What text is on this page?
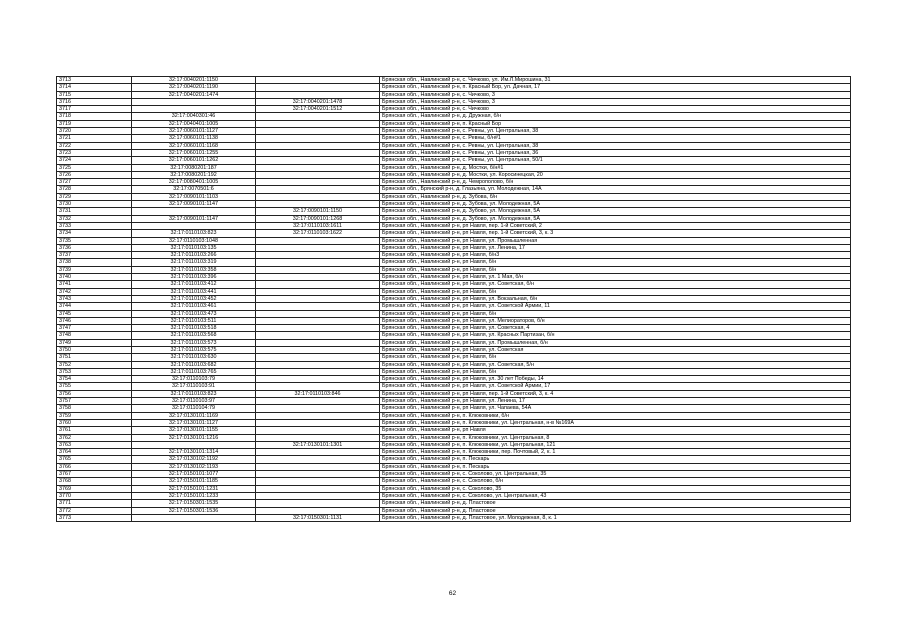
3713	32:17:0040201:1150		Брянская обл., Навлинский р-н, с. Чичково, ул. Им.Л.Мирошина, 31
3714	32:17:0040201:1190		Брянская обл., Навлинский р-н, п. Красный Бор, ул. Дачная, 17
3715	32:17:0040201:1474		Брянская обл., Навлинский р-н, с. Чичково, 3
3716		32:17:0040201:1478	Брянская обл., Навлинский р-н, с. Чичково, 3
3717		32:17:0040201:1512	Брянская обл., Навлинский р-н, с. Чичково
3718	32:17:0040301:46		Брянская обл., Навлинский р-н, д. Дружная, б/н
3719	32:17:0040401:1005		Брянская обл., Навлинский р-н, п. Красный Бор
3720	32:17:0060101:1127		Брянская обл., Навлинский р-н, с. Ревны, ул. Центральная, 38
3721	32:17:0060101:1138		Брянская обл., Навлинский р-н, с. Ревны, б/н#1
3722	32:17:0060101:1168		Брянская обл., Навлинский р-н, с. Ревны, ул. Центральная, 38
3723	32:17:0060101:1255		Брянская обл., Навлинский р-н, с. Ревны, ул. Центральная, 36
3724	32:17:0060101:1262		Брянская обл., Навлинский р-н, с. Ревны, ул. Центральная, 50/1
3725	32:17:0080201:187		Брянская обл., Навлинский р-н, д. Мостки, б/н#1
3726	32:17:0080201:192		Брянская обл., Навлинский р-н, д. Мостки, ул. Коросинецкая, 20
3727	32:17:0080401:1005		Брянская обл., Навлинский р-н, д. Чемрополово, б/н
3728	32:17:0070501:6		Брянская обл., Брянский р-н, д. Глазьяна, ул. Молодежная, 14А
3729	32:17:0090101:1103		Брянская обл., Навлинский р-н, д. Зубова, б/н
3730	32:17:0090101:1147		Брянская обл., Навлинский р-н, д. Зубова, ул. Молодежная, 5А
3731		32:17:0090101:1150	Брянская обл., Навлинский р-н, д. Зубово, ул. Молодежная, 5А
3732	32:17:0090101:1147	32:17:0090101:1268	Брянская обл., Навлинский р-н, д. Зубово, ул. Молодежная, 5А
3733		32:17:0110103:1611	Брянская обл., Навлинский р-н, рп Навля, пер. 1-й Советский, 2
3734	32:17:0110103:823	32:17:0110103:1622	Брянская обл., Навлинский р-н, рп Навля, пер. 1-й Советский, 3, к. 3
3735	32:17:0110103:1048		Брянская обл., Навлинский р-н, рп Навля, ул. Промышленная
3736	32:17:0110103:135		Брянская обл., Навлинский р-н, рп Навля, ул. Ленина, 17
3737	32:17:0110103:266		Брянская обл., Навлинский р-н, рп Навля, б/н3
3738	32:17:0110103:319		Брянская обл., Навлинский р-н, рп Навля, б/н
3739	32:17:0110103:358		Брянская обл., Навлинский р-н, рп Навля, б/н
3740	32:17:0110103:396		Брянская обл., Навлинский р-н, рп Навля, ул. 1 Мая, б/н
3741	32:17:0110103:412		Брянская обл., Навлинский р-н, рп Навля, ул. Советская, б/н
3742	32:17:0110103:441		Брянская обл., Навлинский р-н, рп Навля, б/н
3743	32:17:0110103:452		Брянская обл., Навлинский р-н, рп Навля, ул. Вокзальная, б/н
3744	32:17:0110103:461		Брянская обл., Навлинский р-н, рп Навля, ул. Советской Армии, 11
3745	32:17:0110103:473		Брянская обл., Навлинский р-н, рп Навля, б/н
3746	32:17:0110103:511		Брянская обл., Навлинский р-н, рп Навля, ул. Мелиораторов, б/н
3747	32:17:0110103:518		Брянская обл., Навлинский р-н, рп Навля, ул. Советская, 4
3748	32:17:0110103:568		Брянская обл., Навлинский р-н, рп Навля, ул. Красных Партизан, б/н
3749	32:17:0110103:573		Брянская обл., Навлинский р-н, рп Навля, ул. Промышленная, б/н
3750	32:17:0110103:575		Брянская обл., Навлинский р-н, рп Навля, ул. Советская
3751	32:17:0110103:630		Брянская обл., Навлинский р-н, рп Навля, б/н
3752	32:17:0110103:682		Брянская обл., Навлинский р-н, рп Навля, ул. Советская, 5/н
3753	32:17:0110103:765		Брянская обл., Навлинский р-н, рп Навля, б/н
3754	32:17:0110103:79		Брянская обл., Навлинский р-н, рп Навля, ул. 30 лет Победы, 14
3755	32:17:0110103:91		Брянская обл., Навлинский р-н, рп Навля, ул. Советской Армии, 17
3756	32:17:0110103:823	32:17:0110103:846	Брянская обл., Навлинский р-н, рп Навля, пер. 1-й Советский, 3, к. 4
3757	32:17:0110103:97		Брянская обл., Навлинский р-н, рп Навля, ул. Ленина, 17
3758	32:17:0110104:79		Брянская обл., Навлинский р-н, рп Навля, ул. Чапаева, 54А
3759	32:17:0130101:1169		Брянская обл., Навлинский р-н, п. Клюковники, б/н
3760	32:17:0130101:1127		Брянская обл., Навлинский р-н, п. Клюковники, ул. Центральная, н-в №169А
3761	32:17:0130101:1155		Брянская обл., Навлинский р-н, рп Навля
3762	32:17:0130101:1216		Брянская обл., Навлинский р-н, п. Клюковники, ул. Центральная, 8
3763		32:17:0130101:1301	Брянская обл., Навлинский р-н, п. Клюковники, ул. Центральная, 121
3764	32:17:0130101:1314		Брянская обл., Навлинский р-н, п. Клюковники, пер. Почтовый, 2, к. 1
3765	32:17:0130102:1192		Брянская обл., Навлинский р-н, п. Пескарь
3766	32:17:0130102:1193		Брянская обл., Навлинский р-н, п. Пескарь
3767	32:17:0150101:1077		Брянская обл., Навлинский р-н, с. Соколово, ул. Центральная, 35
3768	32:17:0150101:1185		Брянская обл., Навлинский р-н, с. Соколово, б/н
3769	32:17:0150101:1231		Брянская обл., Навлинский р-н, с. Соколово, 35
3770	32:17:0150101:1233		Брянская обл., Навлинский р-н, с. Соколово, ул. Центральная, 43
3771	32:17:0150301:1535		Брянская обл., Навлинский р-н, д. Пластовое
3772	32:17:0150301:1536		Брянская обл., Навлинский р-н, д. Пластовое
3773		32:17:0150301:1131	Брянская обл., Навлинский р-н, д. Пластовое, ул. Молодежная, 8, к. 1
62
